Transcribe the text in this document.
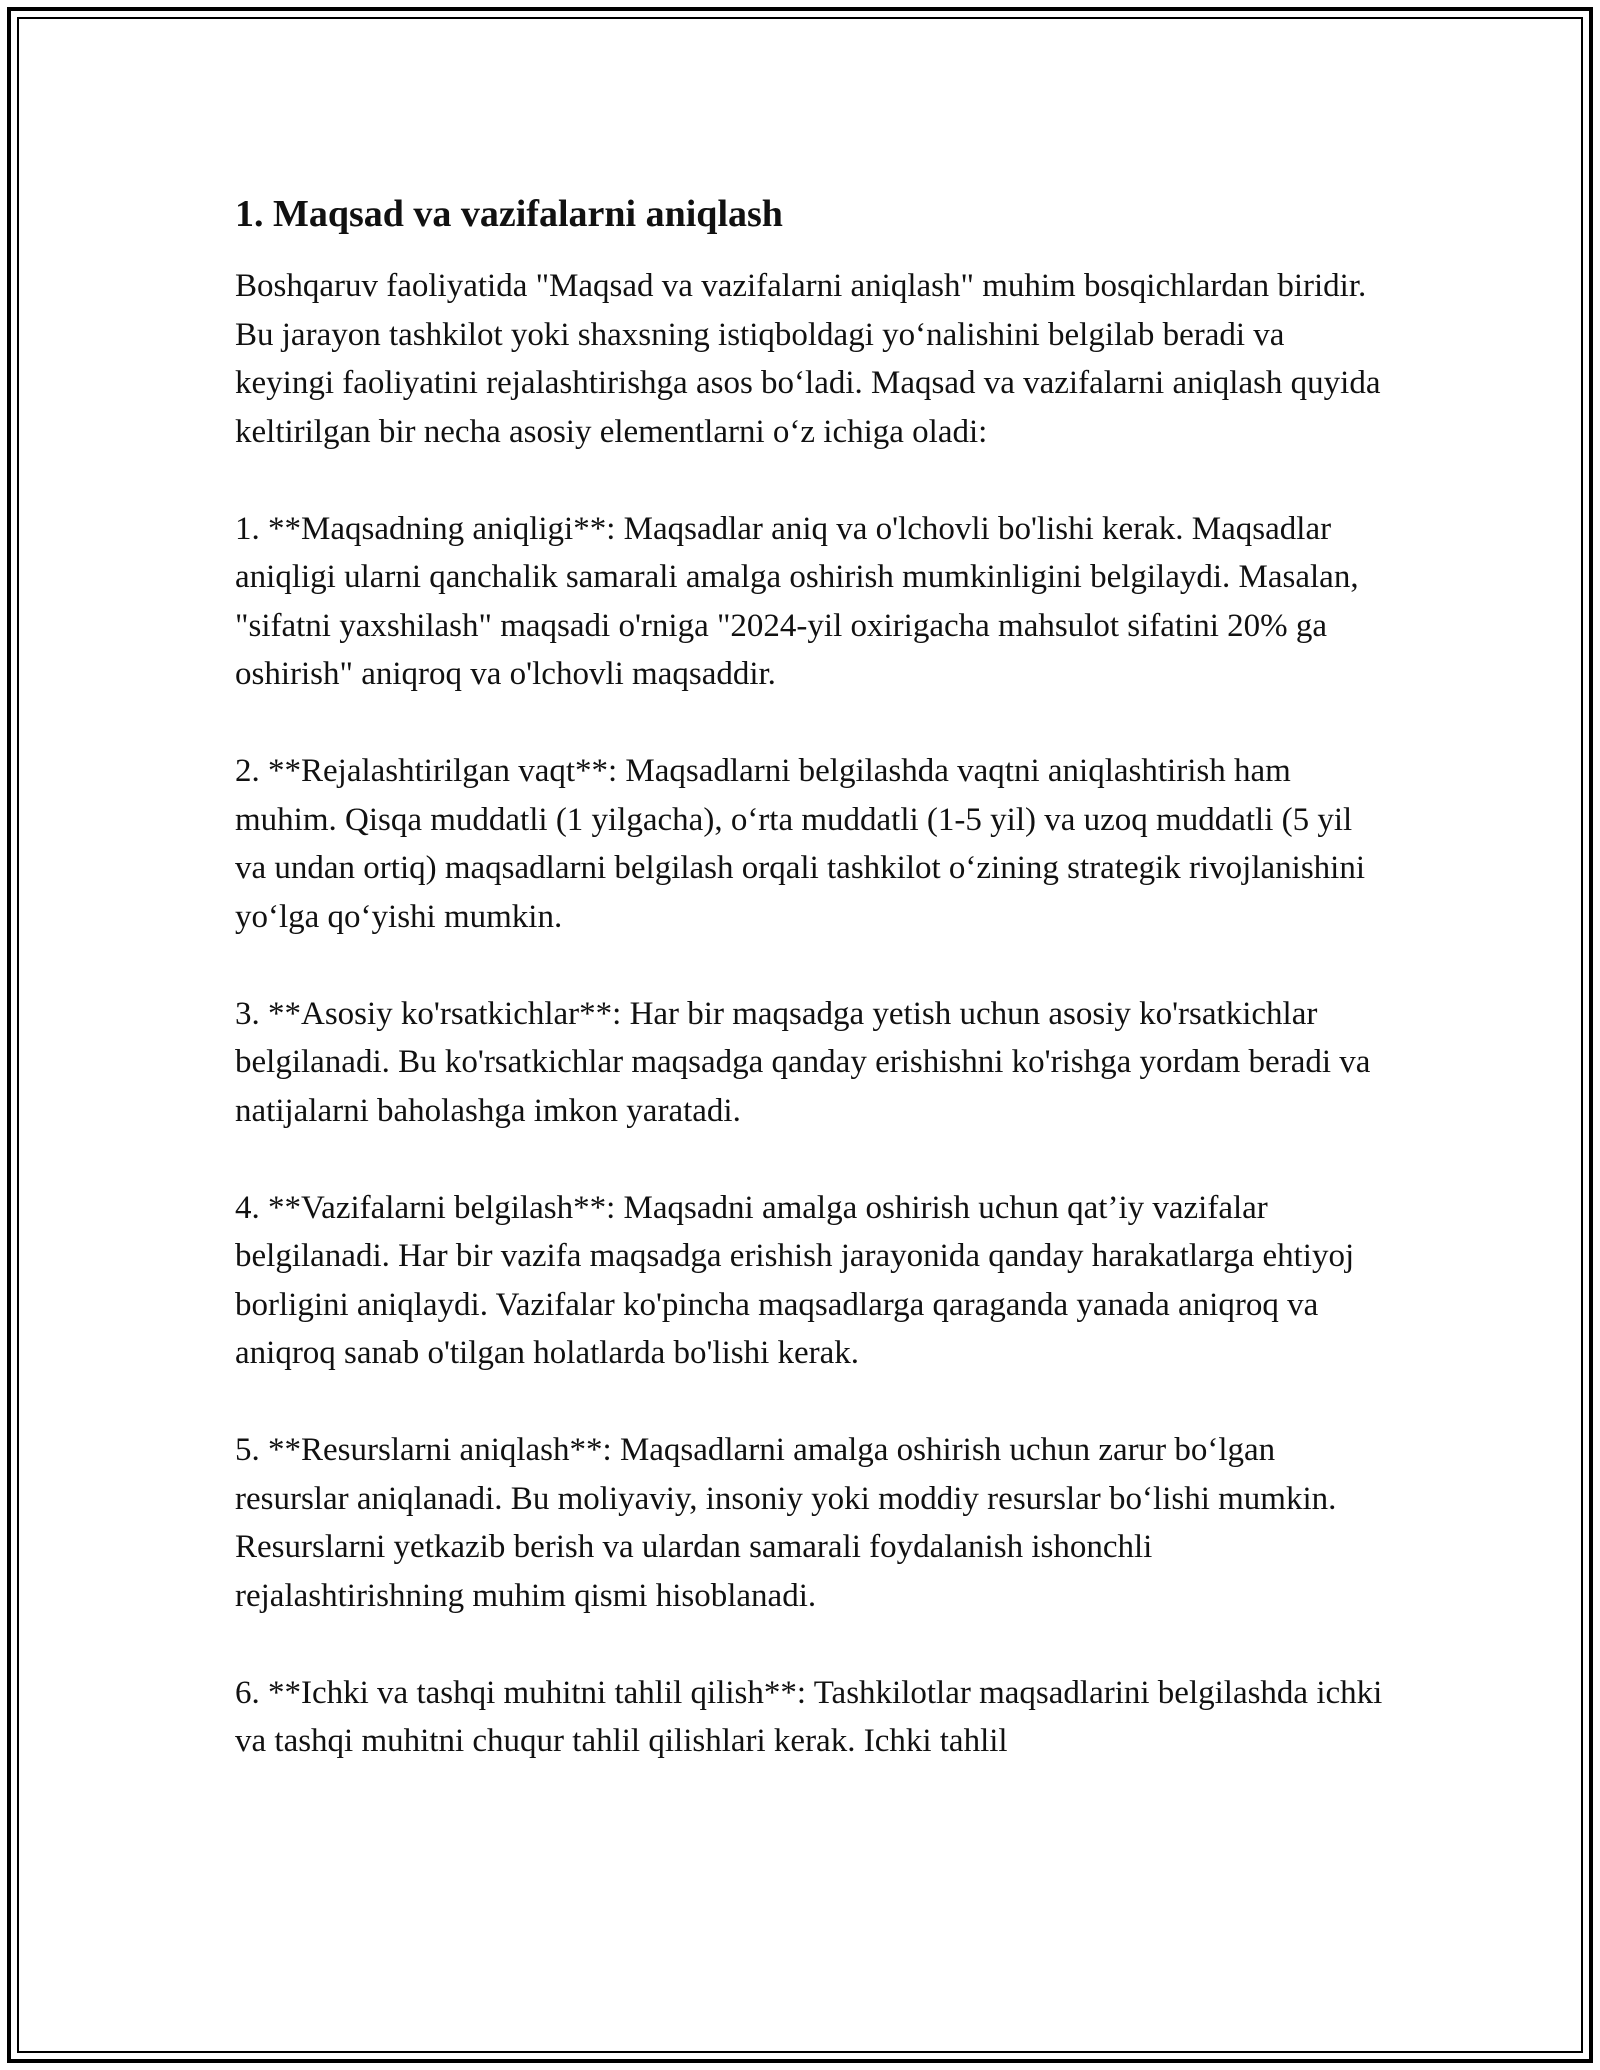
1. Maqsad va vazifalarni aniqlash

Boshqaruv faoliyatida "Maqsad va vazifalarni aniqlash" muhim bosqichlardan biridir. Bu jarayon tashkilot yoki shaxsning istiqboldagi yo‘nalishini belgilab beradi va keyingi faoliyatini rejalashtirishga asos bo‘ladi. Maqsad va vazifalarni aniqlash quyida keltirilgan bir necha asosiy elementlarni o‘z ichiga oladi:

1. **Maqsadning aniqligi**: Maqsadlar aniq va o'lchovli bo'lishi kerak. Maqsadlar aniqligi ularni qanchalik samarali amalga oshirish mumkinligini belgilaydi. Masalan, "sifatni yaxshilash" maqsadi o'rniga "2024-yil oxirigacha mahsulot sifatini 20% ga oshirish" aniqroq va o'lchovli maqsaddir.

2. **Rejalashtirilgan vaqt**: Maqsadlarni belgilashda vaqtni aniqlashtirish ham muhim. Qisqa muddatli (1 yilgacha), o‘rta muddatli (1-5 yil) va uzoq muddatli (5 yil va undan ortiq) maqsadlarni belgilash orqali tashkilot o‘zining strategik rivojlanishini yo‘lga qo‘yishi mumkin.

3. **Asosiy ko'rsatkichlar**: Har bir maqsadga yetish uchun asosiy ko'rsatkichlar belgilanadi. Bu ko'rsatkichlar maqsadga qanday erishishni ko'rishga yordam beradi va natijalarni baholashga imkon yaratadi.

4. **Vazifalarni belgilash**: Maqsadni amalga oshirish uchun qat’iy vazifalar belgilanadi. Har bir vazifa maqsadga erishish jarayonida qanday harakatlarga ehtiyoj borligini aniqlaydi. Vazifalar ko'pincha maqsadlarga qaraganda yanada aniqroq va aniqroq sanab o'tilgan holatlarda bo'lishi kerak.

5. **Resurslarni aniqlash**: Maqsadlarni amalga oshirish uchun zarur bo‘lgan resurslar aniqlanadi. Bu moliyaviy, insoniy yoki moddiy resurslar bo‘lishi mumkin. Resurslarni yetkazib berish va ulardan samarali foydalanish ishonchli rejalashtirishning muhim qismi hisoblanadi.

6. **Ichki va tashqi muhitni tahlil qilish**: Tashkilotlar maqsadlarini belgilashda ichki va tashqi muhitni chuqur tahlil qilishlari kerak. Ichki tahlil
